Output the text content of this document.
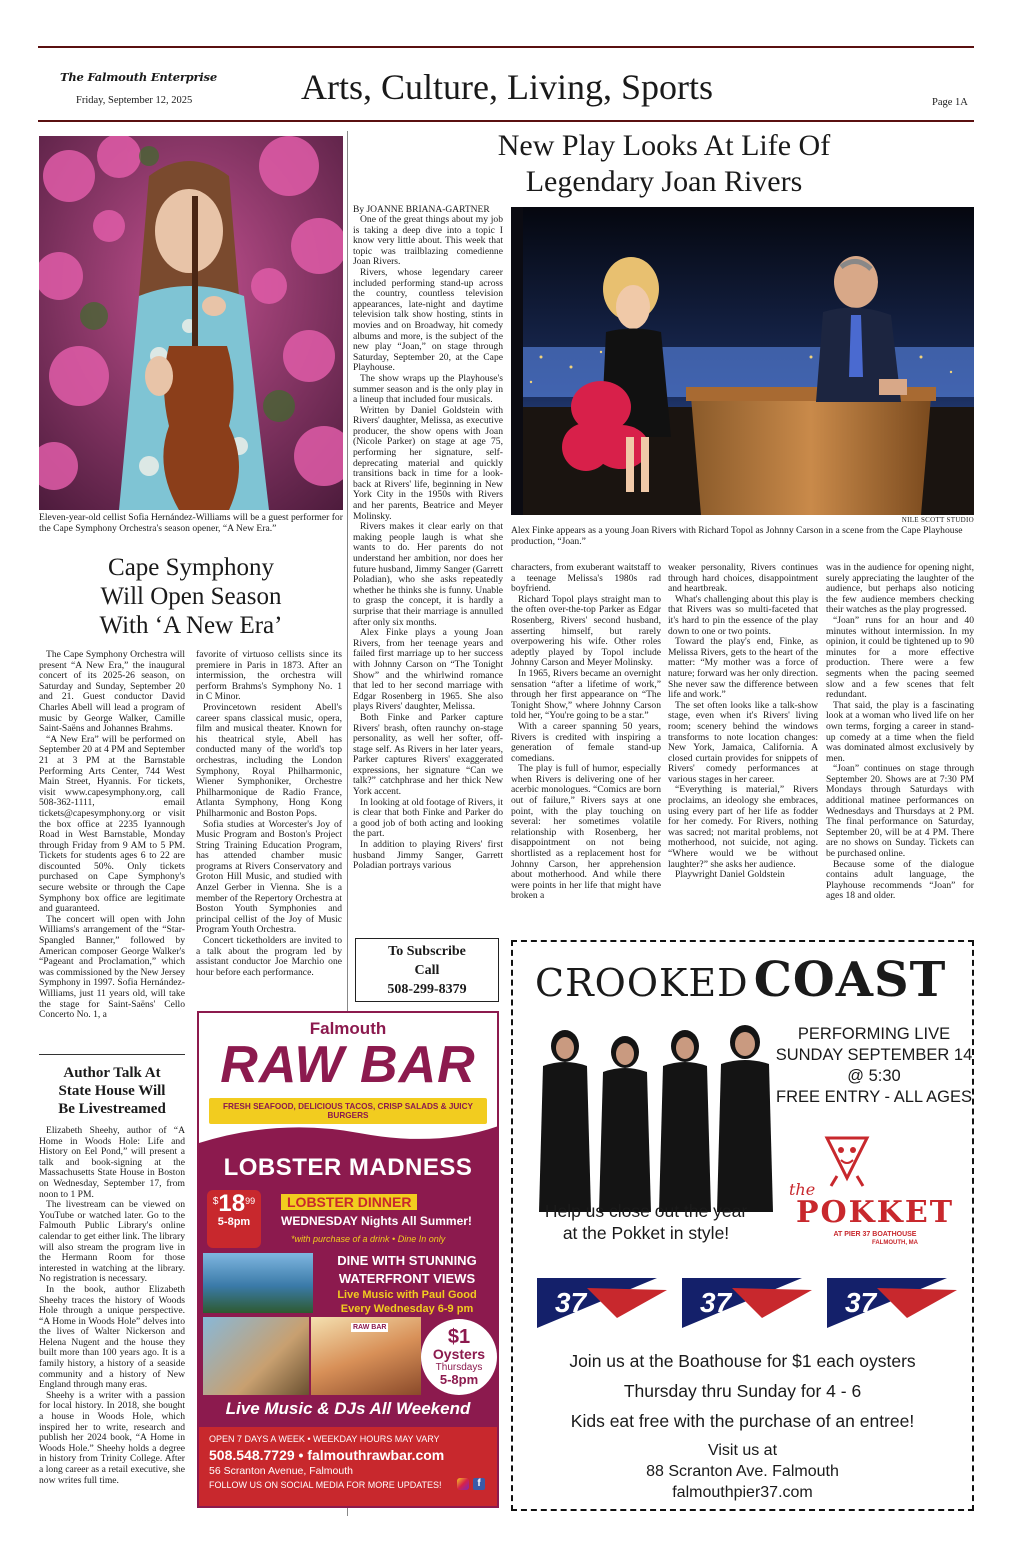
The Falmouth Enterprise
Friday, September 12, 2025	Arts, Culture, Living, Sports	Page 1A
Eleven-year-old cellist Sofia Hernández-Williams will be a guest performer for the Cape Symphony Orchestra's season opener, “A New Era.”
Cape Symphony
Will Open Season
With ‘A New Era’

The Cape Symphony Orchestra will present “A New Era,” the inaugural concert of its 2025-26 season, on Saturday and Sunday, September 20 and 21. Guest conductor David Charles Abell will lead a program of music by George Walker, Camille Saint-Saëns and Johannes Brahms.

“A New Era” will be performed on September 20 at 4 PM and September 21 at 3 PM at the Barnstable Performing Arts Center, 744 West Main Street, Hyannis. For tickets, visit www.capesymphony.org, call 508-362-1111, email tickets@capesymphony.org or visit the box office at 2235 Iyannough Road in West Barnstable, Monday through Friday from 9 AM to 5 PM. Tickets for students ages 6 to 22 are discounted 50%. Only tickets purchased on Cape Symphony's secure website or through the Cape Symphony box office are legitimate and guaranteed.

The concert will open with John Williams's arrangement of the “Star-Spangled Banner,” followed by American composer George Walker's “Pageant and Proclamation,” which was commissioned by the New Jersey Symphony in 1997. Sofia Hernández-Williams, just 11 years old, will take the stage for Saint-Saëns' Cello Concerto No. 1, a

favorite of virtuoso cellists since its premiere in Paris in 1873. After an intermission, the orchestra will perform Brahms's Symphony No. 1 in C Minor.

Provincetown resident Abell's career spans classical music, opera, film and musical theater. Known for his theatrical style, Abell has conducted many of the world's top orchestras, including the London Symphony, Royal Philharmonic, Wiener Symphoniker, Orchestre Philharmonique de Radio France, Atlanta Symphony, Hong Kong Philharmonic and Boston Pops.

Sofia studies at Worcester's Joy of Music Program and Boston's Project String Training Education Program, has attended chamber music programs at Rivers Conservatory and Groton Hill Music, and studied with Anzel Gerber in Vienna. She is a member of the Repertory Orchestra at Boston Youth Symphonies and principal cellist of the Joy of Music Program Youth Orchestra.

Concert ticketholders are invited to a talk about the program led by assistant conductor Joe Marchio one hour before each performance.

Author Talk At
State House Will
Be Livestreamed

Elizabeth Sheehy, author of “A Home in Woods Hole: Life and History on Eel Pond,” will present a talk and book-signing at the Massachusetts State House in Boston on Wednesday, September 17, from noon to 1 PM.

The livestream can be viewed on YouTube or watched later. Go to the Falmouth Public Library's online calendar to get either link. The library will also stream the program live in the Hermann Room for those interested in watching at the library. No registration is necessary.

In the book, author Elizabeth Sheehy traces the history of Woods Hole through a unique perspective. “A Home in Woods Hole” delves into the lives of Walter Nickerson and Helena Nugent and the house they built more than 100 years ago. It is a family history, a history of a seaside community and a history of New England through many eras.

Sheehy is a writer with a passion for local history. In 2018, she bought a house in Woods Hole, which inspired her to write, research and publish her 2024 book, “A Home in Woods Hole.” Sheehy holds a degree in history from Trinity College. After a long career as a retail executive, she now writes full time.

New Play Looks At Life Of
Legendary Joan Rivers
By JOANNE BRIANA-GARTNER

One of the great things about my job is taking a deep dive into a topic I know very little about. This week that topic was trailblazing comedienne Joan Rivers.

Rivers, whose legendary career included performing stand-up across the country, countless television appearances, late-night and daytime television talk show hosting, stints in movies and on Broadway, hit comedy albums and more, is the subject of the new play “Joan,” on stage through Saturday, September 20, at the Cape Playhouse.

The show wraps up the Playhouse's summer season and is the only play in a lineup that included four musicals.

Written by Daniel Goldstein with Rivers' daughter, Melissa, as executive producer, the show opens with Joan (Nicole Parker) on stage at age 75, performing her signature, self-deprecating material and quickly transitions back in time for a look-back at Rivers' life, beginning in New York City in the 1950s with Rivers and her parents, Beatrice and Meyer Molinsky.

Rivers makes it clear early on that making people laugh is what she wants to do. Her parents do not understand her ambition, nor does her future husband, Jimmy Sanger (Garrett Poladian), who she asks repeatedly whether he thinks she is funny. Unable to grasp the concept, it is hardly a surprise that their marriage is annulled after only six months.

Alex Finke plays a young Joan Rivers, from her teenage years and failed first marriage up to her success with Johnny Carson on “The Tonight Show” and the whirlwind romance that led to her second marriage with Edgar Rosenberg in 1965. She also plays Rivers' daughter, Melissa.

Both Finke and Parker capture Rivers' brash, often raunchy on-stage personality, as well her softer, off-stage self. As Rivers in her later years, Parker captures Rivers' exaggerated expressions, her signature “Can we talk?” catchphrase and her thick New York accent.

In looking at old footage of Rivers, it is clear that both Finke and Parker do a good job of both acting and looking the part.

In addition to playing Rivers' first husband Jimmy Sanger, Garrett Poladian portrays various

NILE SCOTT STUDIO
Alex Finke appears as a young Joan Rivers with Richard Topol as Johnny Carson in a scene from the Cape Playhouse production, “Joan.”

characters, from exuberant waitstaff to a teenage Melissa's 1980s rad boyfriend.

Richard Topol plays straight man to the often over-the-top Parker as Edgar Rosenberg, Rivers' second husband, asserting himself, but rarely overpowering his wife. Other roles adeptly played by Topol include Johnny Carson and Meyer Molinsky.

In 1965, Rivers became an overnight sensation “after a lifetime of work,” through her first appearance on “The Tonight Show,” where Johnny Carson told her, “You're going to be a star.”

With a career spanning 50 years, Rivers is credited with inspiring a generation of female stand-up comedians.

The play is full of humor, especially when Rivers is delivering one of her acerbic monologues. “Comics are born out of failure,” Rivers says at one point, with the play touching on several: her sometimes volatile relationship with Rosenberg, her disappointment on not being shortlisted as a replacement host for Johnny Carson, her apprehension about motherhood. And while there were points in her life that might have broken a

weaker personality, Rivers continues through hard choices, disappointment and heartbreak.

What's challenging about this play is that Rivers was so multi-faceted that it's hard to pin the essence of the play down to one or two points.

Toward the play's end, Finke, as Melissa Rivers, gets to the heart of the matter: “My mother was a force of nature; forward was her only direction. She never saw the difference between life and work.”

The set often looks like a talk-show stage, even when it's Rivers' living room; scenery behind the windows transforms to note location changes: New York, Jamaica, California. A closed curtain provides for snippets of Rivers' comedy performances at various stages in her career.

“Everything is material,” Rivers proclaims, an ideology she embraces, using every part of her life as fodder for her comedy. For Rivers, nothing was sacred; not marital problems, not motherhood, not suicide, not aging. “Where would we be without laughter?” she asks her audience.

Playwright Daniel Goldstein

was in the audience for opening night, surely appreciating the laughter of the audience, but perhaps also noticing the few audience members checking their watches as the play progressed.

“Joan” runs for an hour and 40 minutes without intermission. In my opinion, it could be tightened up to 90 minutes for a more effective production. There were a few segments when the pacing seemed slow and a few scenes that felt redundant.

That said, the play is a fascinating look at a woman who lived life on her own terms, forging a career in stand-up comedy at a time when the field was dominated almost exclusively by men.

“Joan” continues on stage through September 20. Shows are at 7:30 PM Mondays through Saturdays with additional matinee performances on Wednesdays and Thursdays at 2 PM. The final performance on Saturday, September 20, will be at 4 PM. There are no shows on Sunday. Tickets can be purchased online.

Because some of the dialogue contains adult language, the Playhouse recommends “Joan” for ages 18 and older.

To Subscribe
Call
508-299-8379
Falmouth
RAW BAR
FRESH SEAFOOD, DELICIOUS TACOS, CRISP SALADS & JUICY BURGERS
LOBSTER MADNESS
$^{\$}18^{99}$
5-8pm
LOBSTER DINNER
WEDNESDAY Nights All Summer!
*with purchase of a drink • Dine In only
DINE WITH STUNNING
WATERFRONT VIEWS
Live Music with Paul Good
Every Wednesday 6-9 pm
RAW BAR	$1
Oysters
Thursdays
5-8pm
Live Music & DJs All Weekend
OPEN 7 DAYS A WEEK • WEEKDAY HOURS MAY VARY
508.548.7729 • falmouthrawbar.com
56 Scranton Avenue, Falmouth
FOLLOW US ON SOCIAL MEDIA FOR MORE UPDATES!	f
CROOKED COAST
PERFORMING LIVE
SUNDAY SEPTEMBER 14
@ 5:30
FREE ENTRY - ALL AGES
Help us close out the year
at the Pokket in style!
the
POKKET
AT PIER 37 BOATHOUSE
FALMOUTH, MA
37	37	37
Join us at the Boathouse for $1 each oysters
Thursday thru Sunday for 4 - 6
Kids eat free with the purchase of an entree!
Visit us at
88 Scranton Ave. Falmouth
falmouthpier37.com
